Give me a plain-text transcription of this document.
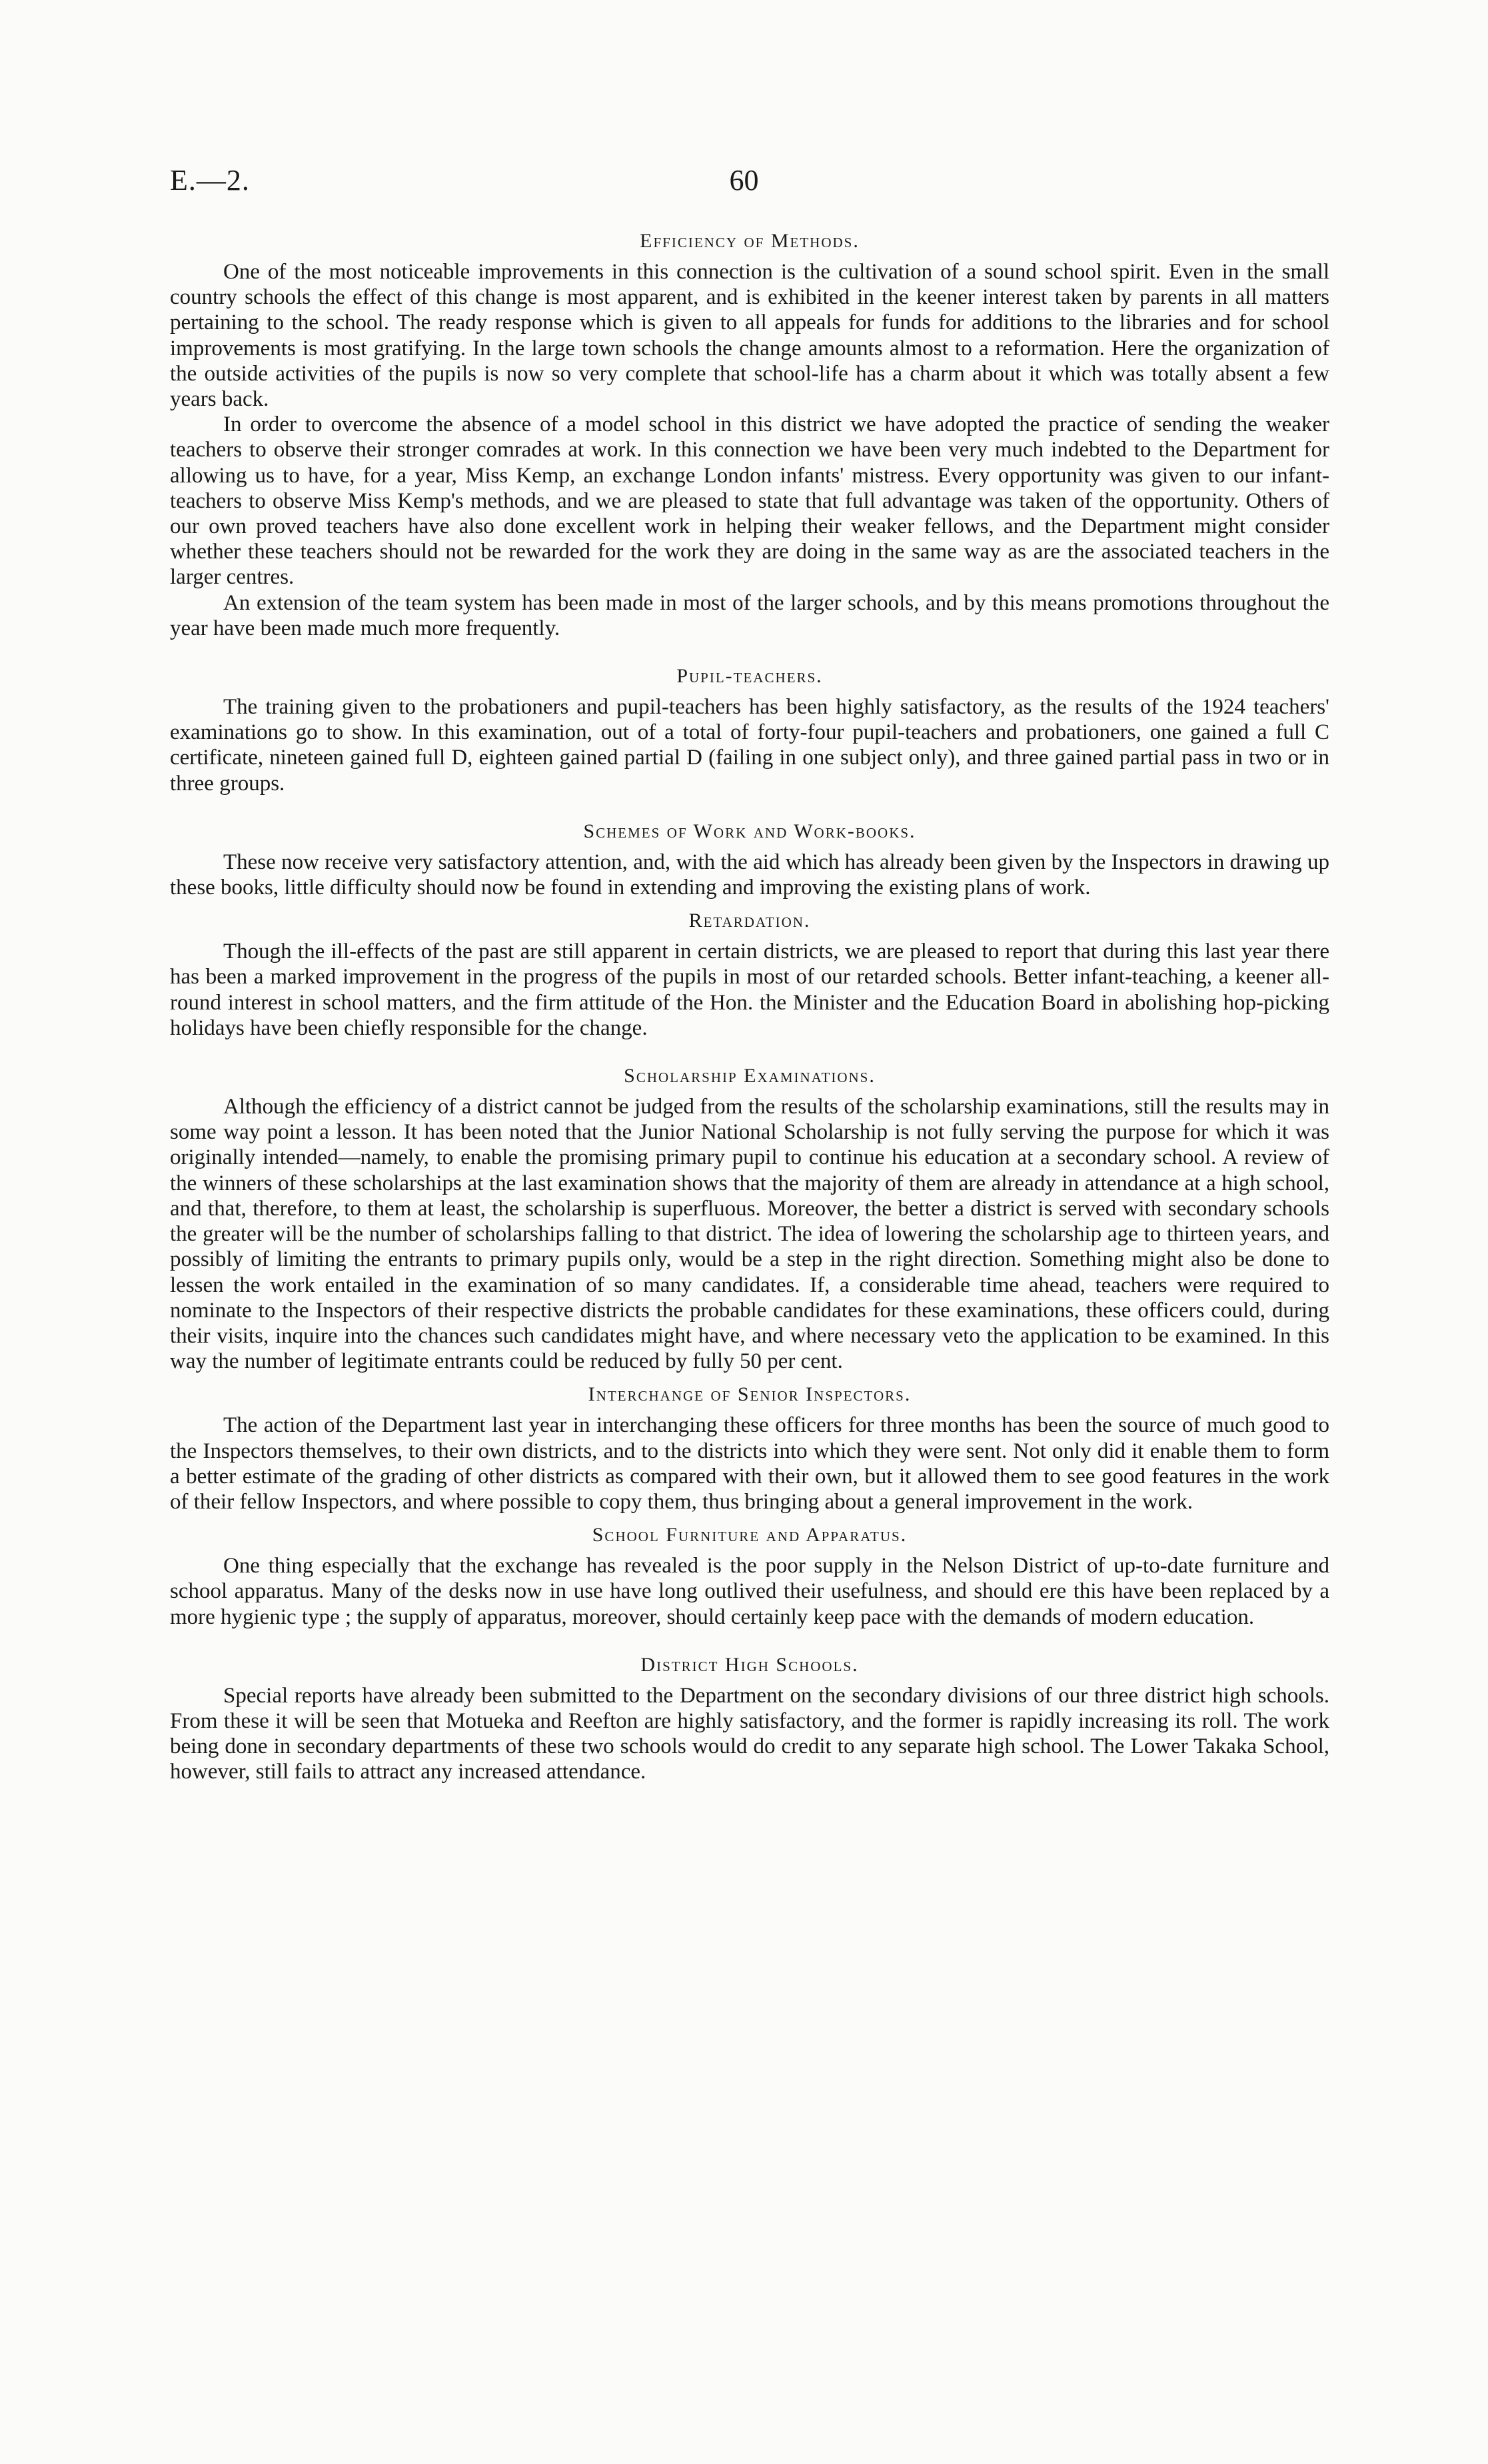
E.—2.	60
Efficiency of Methods.

One of the most noticeable improvements in this connection is the cultivation of a sound school spirit. Even in the small country schools the effect of this change is most apparent, and is exhibited in the keener interest taken by parents in all matters pertaining to the school. The ready response which is given to all appeals for funds for additions to the libraries and for school improvements is most gratifying. In the large town schools the change amounts almost to a reformation. Here the organization of the outside activities of the pupils is now so very complete that school-life has a charm about it which was totally absent a few years back.

In order to overcome the absence of a model school in this district we have adopted the practice of sending the weaker teachers to observe their stronger comrades at work. In this connection we have been very much indebted to the Department for allowing us to have, for a year, Miss Kemp, an exchange London infants' mistress. Every opportunity was given to our infant-teachers to observe Miss Kemp's methods, and we are pleased to state that full advantage was taken of the opportunity. Others of our own proved teachers have also done excellent work in helping their weaker fellows, and the Department might consider whether these teachers should not be rewarded for the work they are doing in the same way as are the associated teachers in the larger centres.

An extension of the team system has been made in most of the larger schools, and by this means promotions throughout the year have been made much more frequently.

Pupil-teachers.

The training given to the probationers and pupil-teachers has been highly satisfactory, as the results of the 1924 teachers' examinations go to show. In this examination, out of a total of forty-four pupil-teachers and probationers, one gained a full C certificate, nineteen gained full D, eighteen gained partial D (failing in one subject only), and three gained partial pass in two or in three groups.

Schemes of Work and Work-books.

These now receive very satisfactory attention, and, with the aid which has already been given by the Inspectors in drawing up these books, little difficulty should now be found in extending and improving the existing plans of work.

Retardation.

Though the ill-effects of the past are still apparent in certain districts, we are pleased to report that during this last year there has been a marked improvement in the progress of the pupils in most of our retarded schools. Better infant-teaching, a keener all-round interest in school matters, and the firm attitude of the Hon. the Minister and the Education Board in abolishing hop-picking holidays have been chiefly responsible for the change.

Scholarship Examinations.

Although the efficiency of a district cannot be judged from the results of the scholarship examinations, still the results may in some way point a lesson. It has been noted that the Junior National Scholarship is not fully serving the purpose for which it was originally intended—namely, to enable the promising primary pupil to continue his education at a secondary school. A review of the winners of these scholarships at the last examination shows that the majority of them are already in attendance at a high school, and that, therefore, to them at least, the scholarship is superfluous. Moreover, the better a district is served with secondary schools the greater will be the number of scholarships falling to that district. The idea of lowering the scholarship age to thirteen years, and possibly of limiting the entrants to primary pupils only, would be a step in the right direction. Something might also be done to lessen the work entailed in the examination of so many candidates. If, a considerable time ahead, teachers were required to nominate to the Inspectors of their respective districts the probable candidates for these examinations, these officers could, during their visits, inquire into the chances such candidates might have, and where necessary veto the application to be examined. In this way the number of legitimate entrants could be reduced by fully 50 per cent.

Interchange of Senior Inspectors.

The action of the Department last year in interchanging these officers for three months has been the source of much good to the Inspectors themselves, to their own districts, and to the districts into which they were sent. Not only did it enable them to form a better estimate of the grading of other districts as compared with their own, but it allowed them to see good features in the work of their fellow Inspectors, and where possible to copy them, thus bringing about a general improvement in the work.

School Furniture and Apparatus.

One thing especially that the exchange has revealed is the poor supply in the Nelson District of up-to-date furniture and school apparatus. Many of the desks now in use have long outlived their usefulness, and should ere this have been replaced by a more hygienic type ; the supply of apparatus, moreover, should certainly keep pace with the demands of modern education.

District High Schools.

Special reports have already been submitted to the Department on the secondary divisions of our three district high schools. From these it will be seen that Motueka and Reefton are highly satisfactory, and the former is rapidly increasing its roll. The work being done in secondary departments of these two schools would do credit to any separate high school. The Lower Takaka School, however, still fails to attract any increased attendance.
